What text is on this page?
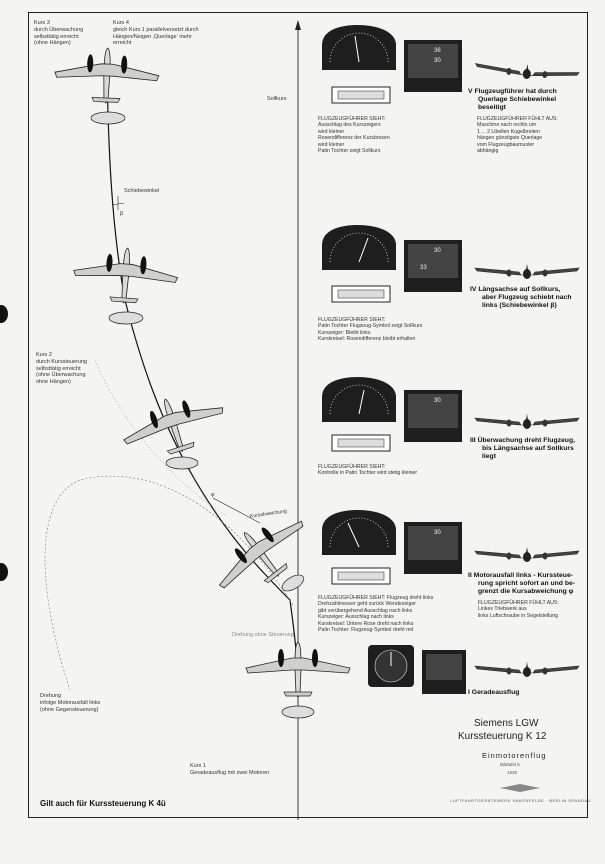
36
30
30
33
30
30
Kurs 3
durch Überwachung
selbsttätig erreicht
(ohne Hängen)
Kurs 4
gleich Kurs 1 parallelversetzt durch
Hängen/Neigen ‚Querlage‘ mehr
erreicht
Sollkurs
Schiebewinkel
Kurs 2
durch Kurssteuerung
selbsttätig erreicht
(ohne Überwachung
ohne Hängen)
Kursabweichung
φ
β
Drehung ohne Steuerung
Drehung
infolge Motorausfall links
(ohne Gegensteuerung)
Kurs 1
Geradeausflug mit zwei Motoren
V Flugzeugführer hat durch
Querlage Schiebewinkel
beseitigt
FLUGZEUGFÜHRER SIEHT:
Ausschlag des Kurszeigers
wird kleiner
Rosendifferenz der Kursbrosen
wird kleiner
Patin Tochter zeigt Sollkurs
FLUGZEUGFÜHRER FÜHLT AUS:
Maschine nach rechts um
1 ... 2 Libellen Kugelbreiten
hängen günstigste Querlage
vom Flugzeugbaumuster
abhängig
IV Längsachse auf Sollkurs,
aber Flugzeug schiebt nach
links (Schiebewinkel β)
FLUGZEUGFÜHRER SIEHT:
Patin Tochter Flugzeug-Symbol zeigt Sollkurs
Kurszeiger: Bleibt links
Kurskreisel: Rosendifferenz bleibt erhalten
III Überwachung dreht Flugzeug,
bis Längsachse auf Sollkurs
liegt
FLUGZEUGFÜHRER SIEHT:
Kontrolle in Patin Tochter wird stetig kleiner
II Motorausfall links - Kurssteue-
rung spricht sofort an und be-
grenzt die Kursabweichung φ
FLUGZEUGFÜHRER SIEHT: Flugzeug dreht links
Drehzahlmesser geht zurück Wendezeiger
gibt vorübergehend Ausschlag nach links
Kurszeiger: Ausschlag nach links
Kurskreisel: Untere Rose dreht nach links
Patin Tochter: Flugzeug-Symbol dreht mit
FLUGZEUGFÜHRER FÜHLT AUS:
Linkes Triebwerk aus
links Luftschraube in Segelstellung
I Geradeausflug
Siemens LGW
Kurssteuerung K 12
Einmotorenflug
Bildtafel 5
1935
LUFTFAHRTGERÄTEWERK HAKENFELDE · BERLIN SPANDAU
Gilt auch für Kurssteuerung K 4ü
